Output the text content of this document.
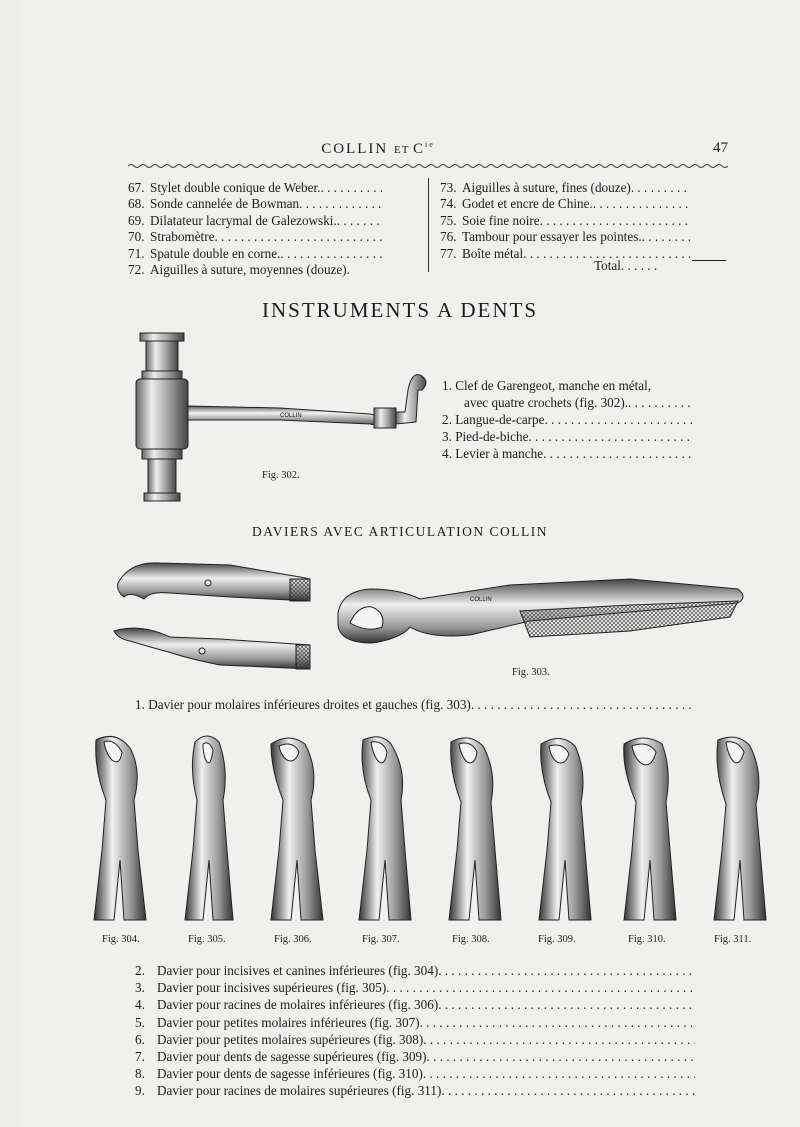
COLLIN ET $C^{ie}$	47
67. Stylet double conique de Weber.
. . .
68. Sonde cannelée de Bowman
. . .
69. Dilatateur lacrymal de Galezowski.
. . .
70. Strabomètre
. . .
71. Spatule double en corne.
. . .
72. Aiguilles à suture, moyennes (douze).
73. Aiguilles à suture, fines (douze)
. . .
74. Godet et encre de Chine.
. . .
75. Soie fine noire
. . .
76. Tambour pour essayer les pointes.
. . .
77. Boîte métal
. . .
Total. . . . . .
INSTRUMENTS A DENTS
COLLIN
Fig. 302.
1. Clef de Garengeot, manche en métal,
avec quatre crochets (fig. 302).
. . .
2. Langue-de-carpe
. . .
3. Pied-de-biche
. . .
4. Levier à manche
. . .
DAVIERS AVEC ARTICULATION COLLIN
COLLIN
Fig. 303.
1. Davier pour molaires inférieures droites et gauches (fig. 303)
. . .
Fig. 304.	Fig. 305.	Fig. 306.	Fig. 307.	Fig. 308.	Fig. 309.	Fig. 310.	Fig. 311.
2. Davier pour incisives et canines inférieures (fig. 304)
. . .
3. Davier pour incisives supérieures (fig. 305)
. . .
4. Davier pour racines de molaires inférieures (fig. 306)
. . .
5. Davier pour petites molaires inférieures (fig. 307)
. . .
6. Davier pour petites molaires supérieures (fig. 308)
. . .
7. Davier pour dents de sagesse supérieures (fig. 309)
. . .
8. Davier pour dents de sagesse inférieures (fig. 310)
. . .
9. Davier pour racines de molaires supérieures (fig. 311)
. . .
